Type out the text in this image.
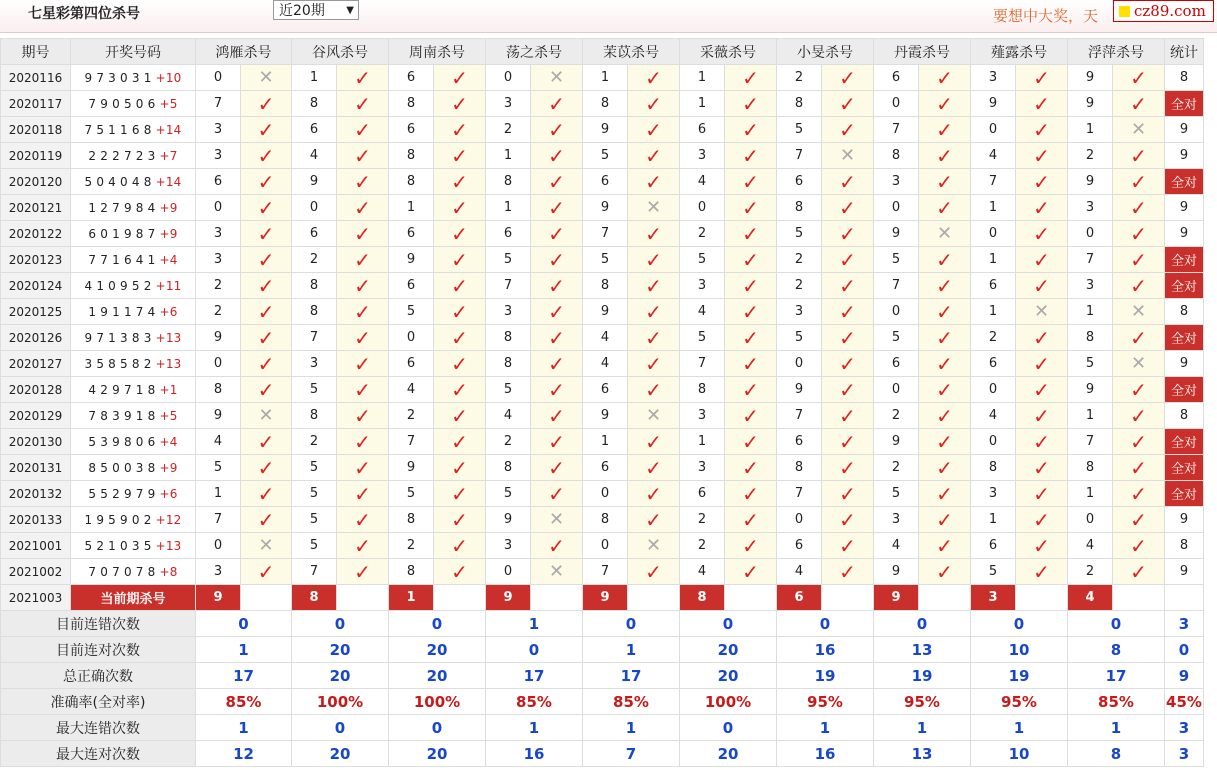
七星彩第四位杀号	近20期 ▼	要想中大奖，天	cz89.com
期号	开奖号码	鸿雁杀号		谷风杀号		周南杀号		荡之杀号		茉苡杀号		采薇杀号		小旻杀号		丹霞杀号		薤露杀号		浮萍杀号		统计
2020116	9 7 3 0 3 1 +10	0	✕	1	✓	6	✓	0	✕	1	✓	1	✓	2	✓	6	✓	3	✓	9	✓	8
2020117	7 9 0 5 0 6 +5	7	✓	8	✓	8	✓	3	✓	8	✓	1	✓	8	✓	0	✓	9	✓	9	✓	全对
2020118	7 5 1 1 6 8 +14	3	✓	6	✓	6	✓	2	✓	9	✓	6	✓	5	✓	7	✓	0	✓	1	✕	9
2020119	2 2 2 7 2 3 +7	3	✓	4	✓	8	✓	1	✓	5	✓	3	✓	7	✕	8	✓	4	✓	2	✓	9
2020120	5 0 4 0 4 8 +14	6	✓	9	✓	8	✓	8	✓	6	✓	4	✓	6	✓	3	✓	7	✓	9	✓	全对
2020121	1 2 7 9 8 4 +9	0	✓	0	✓	1	✓	1	✓	9	✕	0	✓	8	✓	0	✓	1	✓	3	✓	9
2020122	6 0 1 9 8 7 +9	3	✓	6	✓	6	✓	6	✓	7	✓	2	✓	5	✓	9	✕	0	✓	0	✓	9
2020123	7 7 1 6 4 1 +4	3	✓	2	✓	9	✓	5	✓	5	✓	5	✓	2	✓	5	✓	1	✓	7	✓	全对
2020124	4 1 0 9 5 2 +11	2	✓	8	✓	6	✓	7	✓	8	✓	3	✓	2	✓	7	✓	6	✓	3	✓	全对
2020125	1 9 1 1 7 4 +6	2	✓	8	✓	5	✓	3	✓	9	✓	4	✓	3	✓	0	✓	1	✕	1	✕	8
2020126	9 7 1 3 8 3 +13	9	✓	7	✓	0	✓	8	✓	4	✓	5	✓	5	✓	5	✓	2	✓	8	✓	全对
2020127	3 5 8 5 8 2 +13	0	✓	3	✓	6	✓	8	✓	4	✓	7	✓	0	✓	6	✓	6	✓	5	✕	9
2020128	4 2 9 7 1 8 +1	8	✓	5	✓	4	✓	5	✓	6	✓	8	✓	9	✓	0	✓	0	✓	9	✓	全对
2020129	7 8 3 9 1 8 +5	9	✕	8	✓	2	✓	4	✓	9	✕	3	✓	7	✓	2	✓	4	✓	1	✓	8
2020130	5 3 9 8 0 6 +4	4	✓	2	✓	7	✓	2	✓	1	✓	1	✓	6	✓	9	✓	0	✓	7	✓	全对
2020131	8 5 0 0 3 8 +9	5	✓	5	✓	9	✓	8	✓	6	✓	3	✓	8	✓	2	✓	8	✓	8	✓	全对
2020132	5 5 2 9 7 9 +6	1	✓	5	✓	5	✓	5	✓	0	✓	6	✓	7	✓	5	✓	3	✓	1	✓	全对
2020133	1 9 5 9 0 2 +12	7	✓	5	✓	8	✓	9	✕	8	✓	2	✓	0	✓	3	✓	1	✓	0	✓	9
2021001	5 2 1 0 3 5 +13	0	✕	5	✓	2	✓	3	✓	0	✕	2	✓	6	✓	4	✓	6	✓	4	✓	8
2021002	7 0 7 0 7 8 +8	3	✓	7	✓	8	✓	0	✕	7	✓	4	✓	4	✓	9	✓	5	✓	2	✓	9
2021003	当前期杀号	9		8		1		9		9		8		6		9		3		4		
目前连错次数		0		0		0		1		0		0		0		0		0		0		3
目前连对次数		1		20		20		0		1		20		16		13		10		8		0
总正确次数		17		20		20		17		17		20		19		19		19		17		9
准确率(全对率)		85%		100%		100%		85%		85%		100%		95%		95%		95%		85%		45%
最大连错次数		1		0		0		1		1		0		1		1		1		1		3
最大连对次数		12		20		20		16		7		20		16		13		10		8		3
